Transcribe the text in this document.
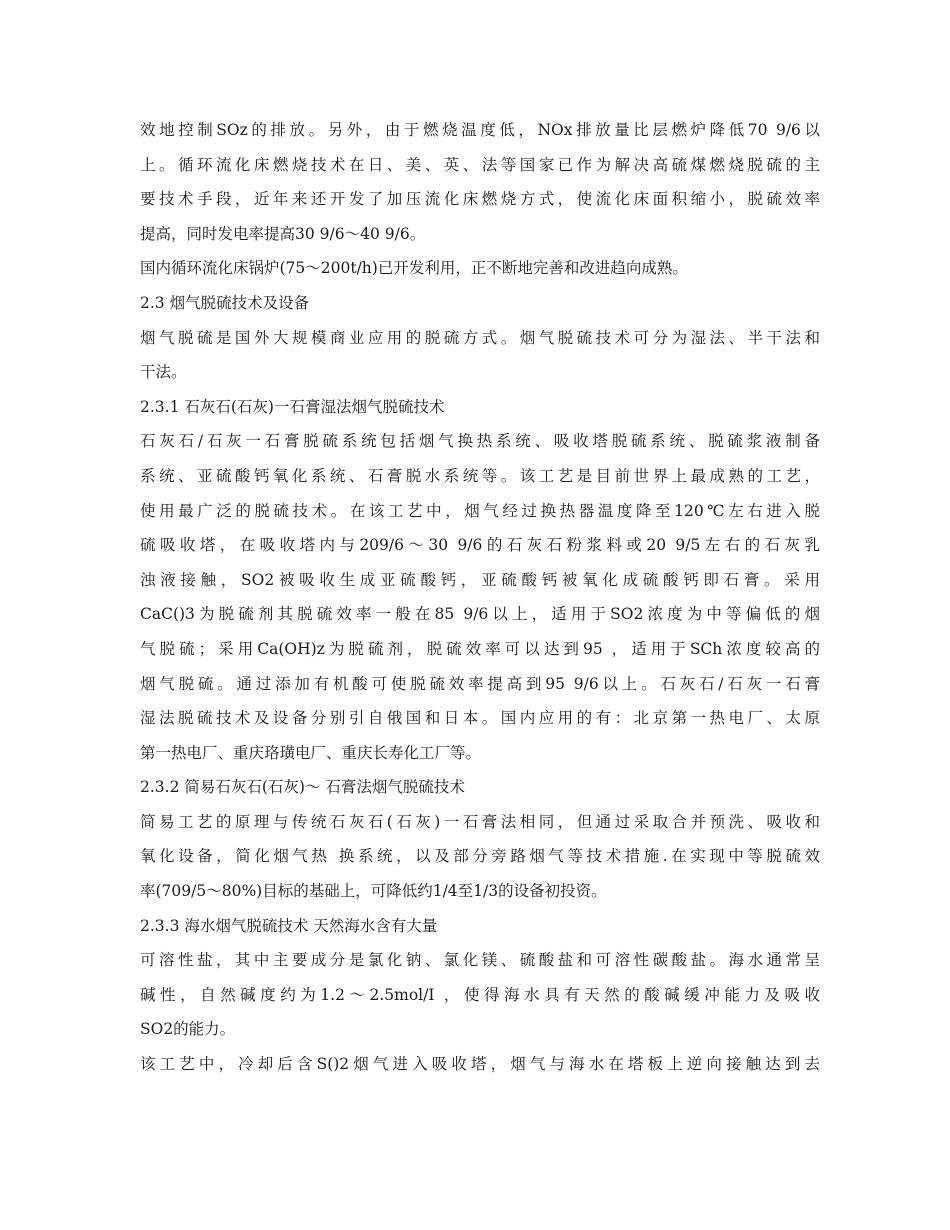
效地控制SOz的排放。另外，由于燃烧温度低，NOx排放量比层燃炉降低70 9/6以
上。循环流化床燃烧技术在日、美、英、法等国家已作为解决高硫煤燃烧脱硫的主
要技术手段，近年来还开发了加压流化床燃烧方式，使流化床面积缩小，脱硫效率
提高，同时发电率提高30 9/6～40 9/6。
国内循环流化床锅炉(75～200t/h)已开发利用，正不断地完善和改进趋向成熟。
2.3 烟气脱硫技术及设备
烟气脱硫是国外大规模商业应用的脱硫方式。烟气脱硫技术可分为湿法、半干法和
干法。
2.3.1 石灰石(石灰)一石膏湿法烟气脱硫技术
石灰石/石灰一石膏脱硫系统包括烟气换热系统、吸收塔脱硫系统、脱硫浆液制备
系统、亚硫酸钙氧化系统、石膏脱水系统等。该工艺是目前世界上最成熟的工艺，
使用最广泛的脱硫技术。在该工艺中，烟气经过换热器温度降至120℃左右进入脱
硫吸收塔，在吸收塔内与209/6～30 9/6的石灰石粉浆料或20 9/5左右的石灰乳
浊液接触，SO2被吸收生成亚硫酸钙，亚硫酸钙被氧化成硫酸钙即石膏。采用
CaC()3为脱硫剂其脱硫效率一般在85 9/6以上，适用于SO2浓度为中等偏低的烟
气脱硫；采用Ca(OH)z为脱硫剂，脱硫效率可以达到95 ，适用于SCh浓度较高的
烟气脱硫。通过添加有机酸可使脱硫效率提高到95 9/6以上。石灰石/石灰一石膏
湿法脱硫技术及设备分别引自俄国和日本。国内应用的有：北京第一热电厂、太原
第一热电厂、重庆珞璜电厂、重庆长寿化工厂等。
2.3.2 简易石灰石(石灰)～ 石膏法烟气脱硫技术
简易工艺的原理与传统石灰石(石灰)一石膏法相同，但通过采取合并预洗、吸收和
氧化设备，简化烟气热 换系统，以及部分旁路烟气等技术措施.在实现中等脱硫效
率(709/5～80%)目标的基础上，可降低约1/4至1/3的设备初投资。
2.3.3 海水烟气脱硫技术 天然海水含有大量
可溶性盐，其中主要成分是氯化钠、氯化镁、硫酸盐和可溶性碳酸盐。海水通常呈
碱性，自然碱度约为1.2～2.5mol/I ，使得海水具有天然的酸碱缓冲能力及吸收
SO2的能力。
该工艺中，冷却后含S()2烟气进入吸收塔，烟气与海水在塔板上逆向接触达到去
